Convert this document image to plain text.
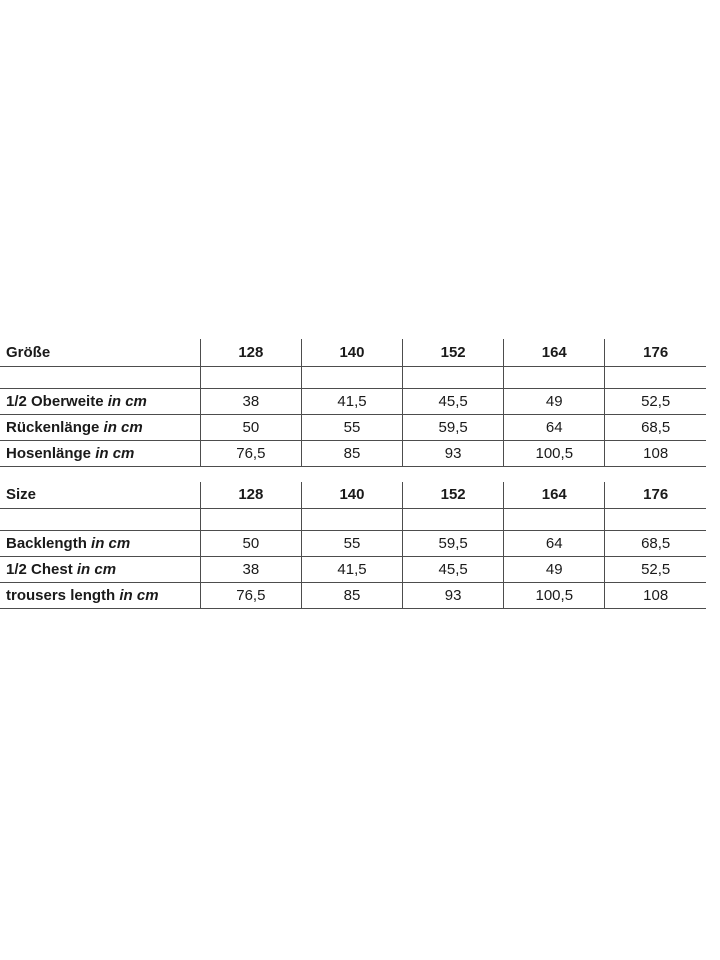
Größe	128	140	152	164	176

1/2 Oberweite in cm	38	41,5	45,5	49	52,5
Rückenlänge in cm	50	55	59,5	64	68,5
Hosenlänge in cm	76,5	85	93	100,5	108
Size	128	140	152	164	176

Backlength in cm	50	55	59,5	64	68,5
1/2 Chest in cm	38	41,5	45,5	49	52,5
trousers length in cm	76,5	85	93	100,5	108
